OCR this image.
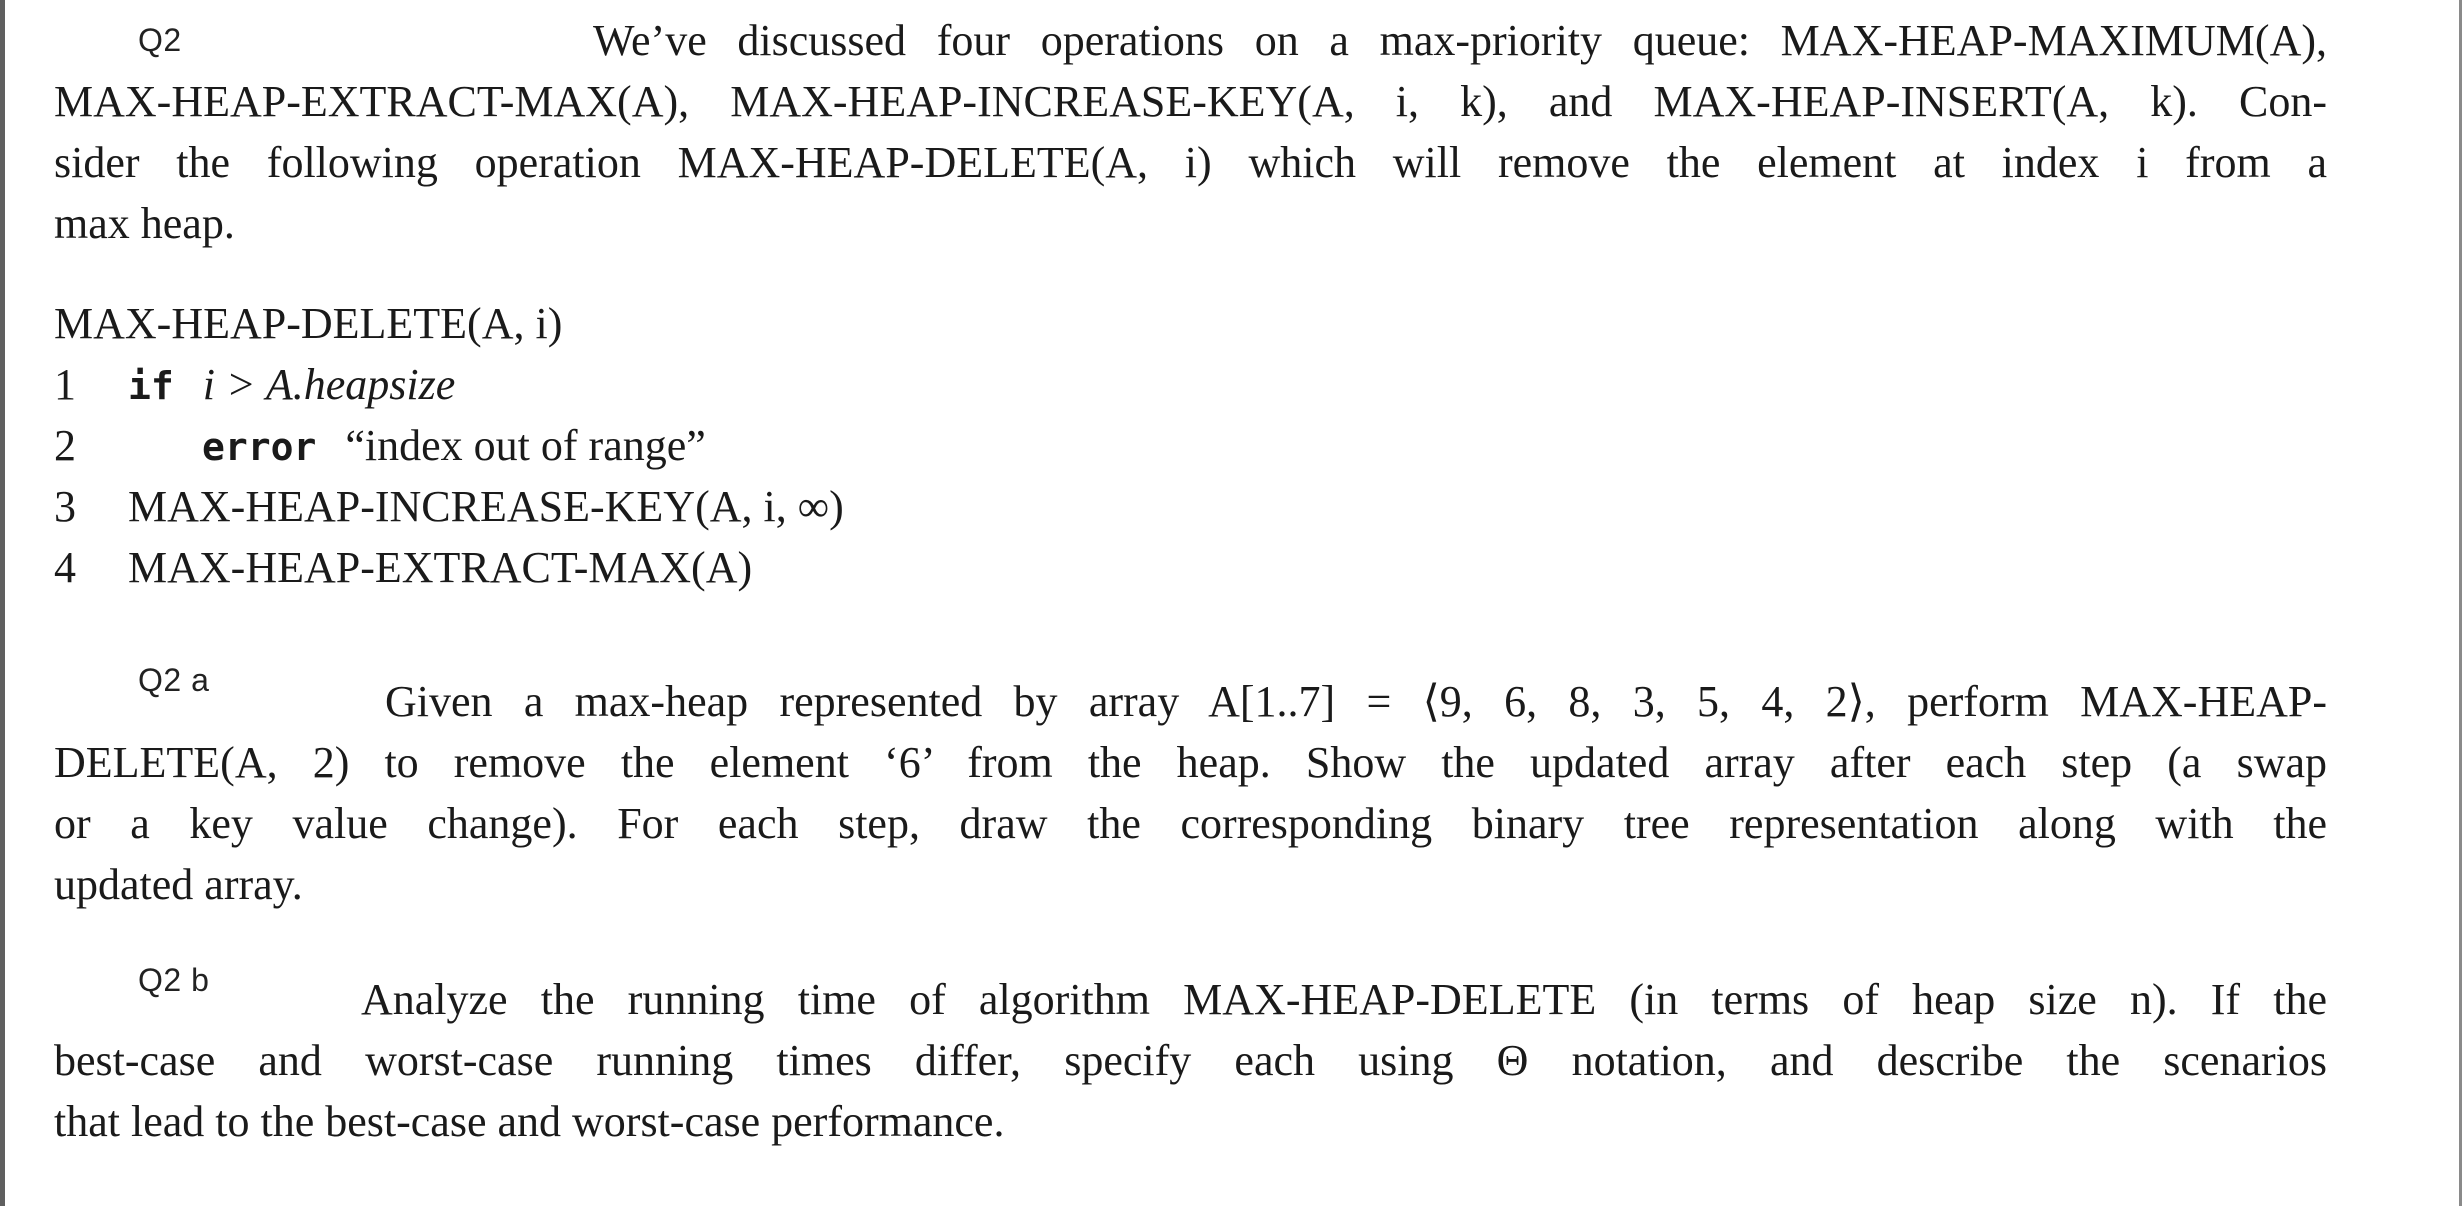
Q2	We’ve discussed four operations on a max-priority queue: MAX-HEAP-MAXIMUM(A),
MAX-HEAP-EXTRACT-MAX(A), MAX-HEAP-INCREASE-KEY(A, i, k), and MAX-HEAP-INSERT(A, k). Con-
sider the following operation MAX-HEAP-DELETE(A, i) which will remove the element at index i from a
max heap.
MAX-HEAP-DELETE(A, i)
1	if i > A.heapsize
2	error “index out of range”
3	MAX-HEAP-INCREASE-KEY(A, i, ∞)
4	MAX-HEAP-EXTRACT-MAX(A)
Q2 a	Given a max-heap represented by array A[1..7] = ⟨9, 6, 8, 3, 5, 4, 2⟩, perform MAX-HEAP-
DELETE(A, 2) to remove the element ‘6’ from the heap. Show the updated array after each step (a swap
or a key value change). For each step, draw the corresponding binary tree representation along with the
updated array.
Q2 b	Analyze the running time of algorithm MAX-HEAP-DELETE (in terms of heap size n). If the
best-case and worst-case running times differ, specify each using Θ notation, and describe the scenarios
that lead to the best-case and worst-case performance.
